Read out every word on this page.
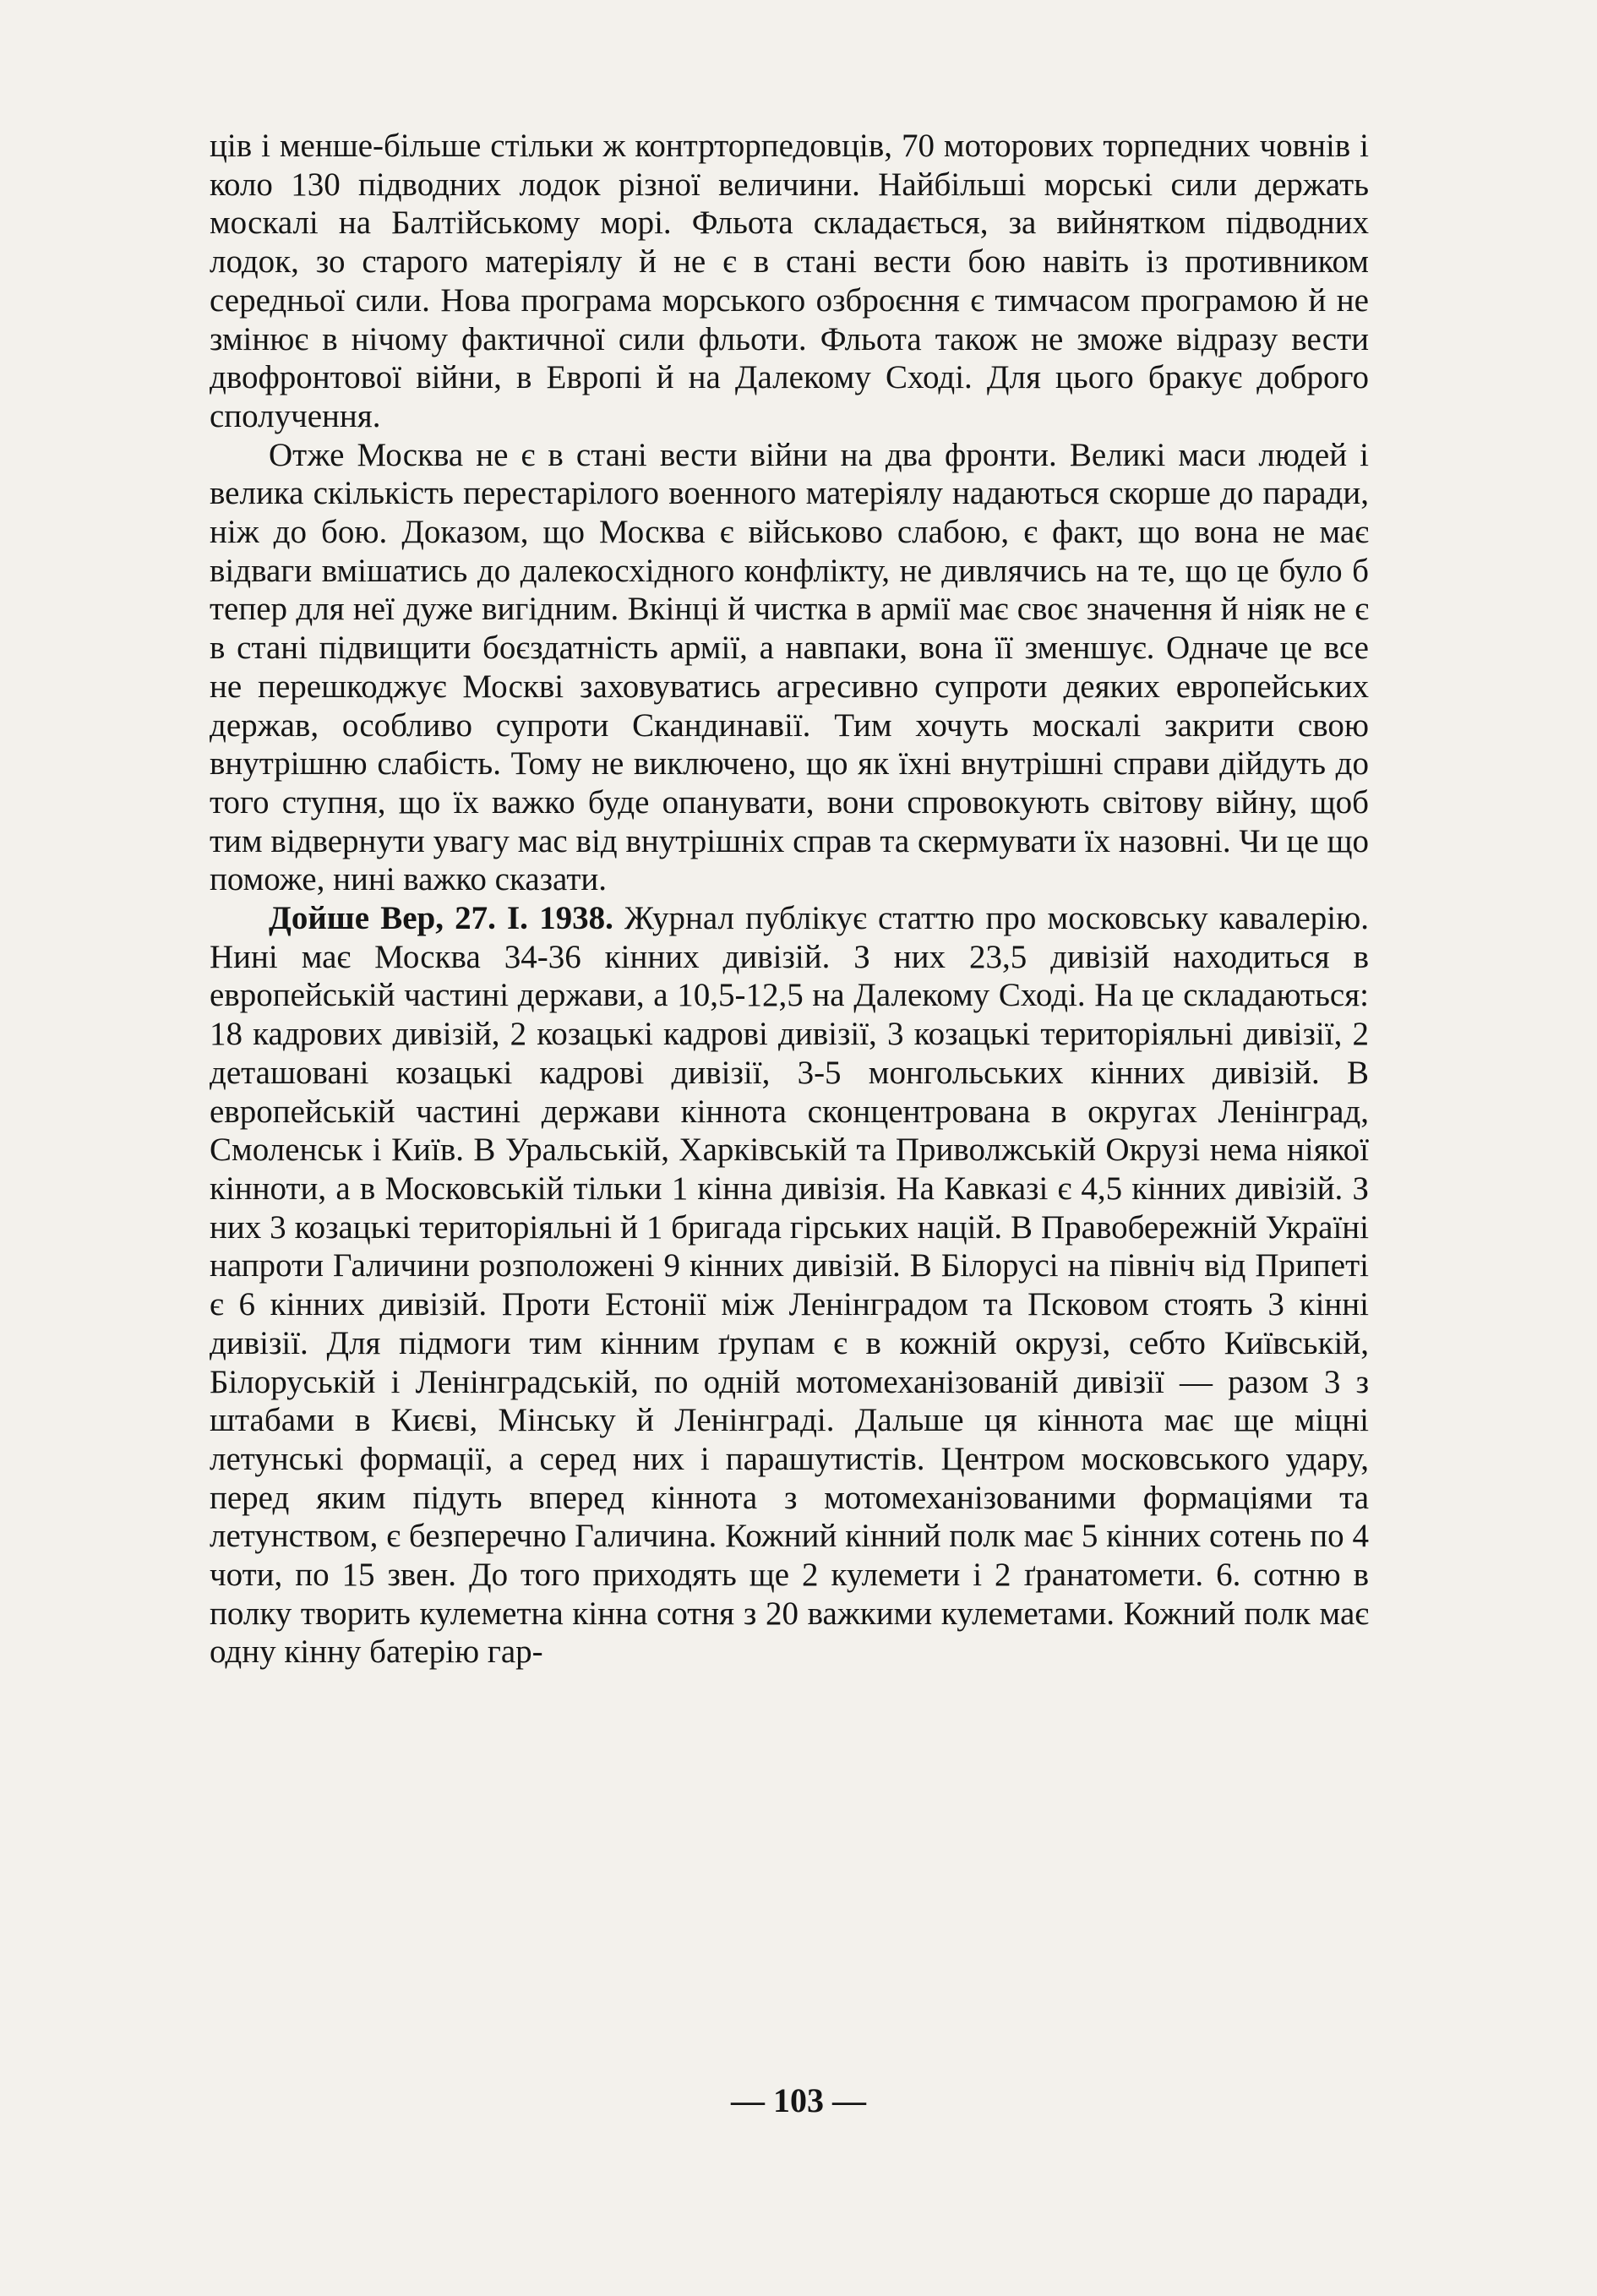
ців і менше-більше стільки ж контрторпедовців, 70 моторових торпедних човнів і коло 130 підводних лодок різної величини. Найбільші морські сили держать москалі на Балтійському морі. Фльота складається, за вийнятком підводних лодок, зо старого матеріялу й не є в стані вести бою навіть із противником середньої сили. Нова програма морського озброєння є тимчасом програмою й не змінює в нічому фактичної сили фльоти. Фльота також не зможе відразу вести двофронтової війни, в Европі й на Далекому Сході. Для цього бракує доброго сполучення.

Отже Москва не є в стані вести війни на два фронти. Великі маси людей і велика скількість перестарілого военного матеріялу надаються скорше до паради, ніж до бою. Доказом, що Москва є військово слабою, є факт, що вона не має відваги вмішатись до далекосхідного конфлікту, не дивлячись на те, що це було б тепер для неї дуже вигідним. Вкінці й чистка в армії має своє значення й ніяк не є в стані підвищити боєздатність армії, а навпаки, вона її зменшує. Одначе це все не перешкоджує Москві заховуватись агресивно супроти деяких европейських держав, особливо супроти Скандинавії. Тим хочуть москалі закрити свою внутрішню слабість. Тому не виключено, що як їхні внутрішні справи дійдуть до того ступня, що їх важко буде опанувати, вони спровокують світову війну, щоб тим відвернути увагу мас від внутрішніх справ та скермувати їх назовні. Чи це що поможе, нині важко сказати.

Дойше Вер, 27. I. 1938. Журнал публікує статтю про московську кавалерію. Нині має Москва 34-36 кінних дивізій. З них 23,5 дивізій находиться в европейській частині держави, а 10,5-12,5 на Далекому Сході. На це складаються: 18 кадрових дивізій, 2 козацькі кадрові дивізії, 3 козацькі територіяльні дивізії, 2 деташовані козацькі кадрові дивізії, 3-5 монгольських кінних дивізій. В европейській частині держави кіннота сконцентрована в округах Ленінград, Смоленськ і Київ. В Уральській, Харківській та Приволжській Окрузі нема ніякої кінноти, а в Московській тільки 1 кінна дивізія. На Кавказі є 4,5 кінних дивізій. З них 3 козацькі територіяльні й 1 бригада гірських націй. В Правобережній Україні напроти Галичини розположені 9 кінних дивізій. В Білорусі на північ від Припеті є 6 кінних дивізій. Проти Естонії між Ленінградом та Псковом стоять 3 кінні дивізії. Для підмоги тим кінним ґрупам є в кожній окрузі, себто Київській, Білоруській і Ленінградській, по одній мотомеханізованій дивізії — разом 3 з штабами в Києві, Мінську й Ленінграді. Дальше ця кіннота має ще міцні летунські формації, а серед них і парашутистів. Центром московського удару, перед яким підуть вперед кіннота з мотомеханізованими формаціями та летунством, є безперечно Галичина. Кожний кінний полк має 5 кінних сотень по 4 чоти, по 15 звен. До того приходять ще 2 кулемети і 2 ґранатомети. 6. сотню в полку творить кулеметна кінна сотня з 20 важкими кулеметами. Кожний полк має одну кінну батерію гар-

— 103 —
